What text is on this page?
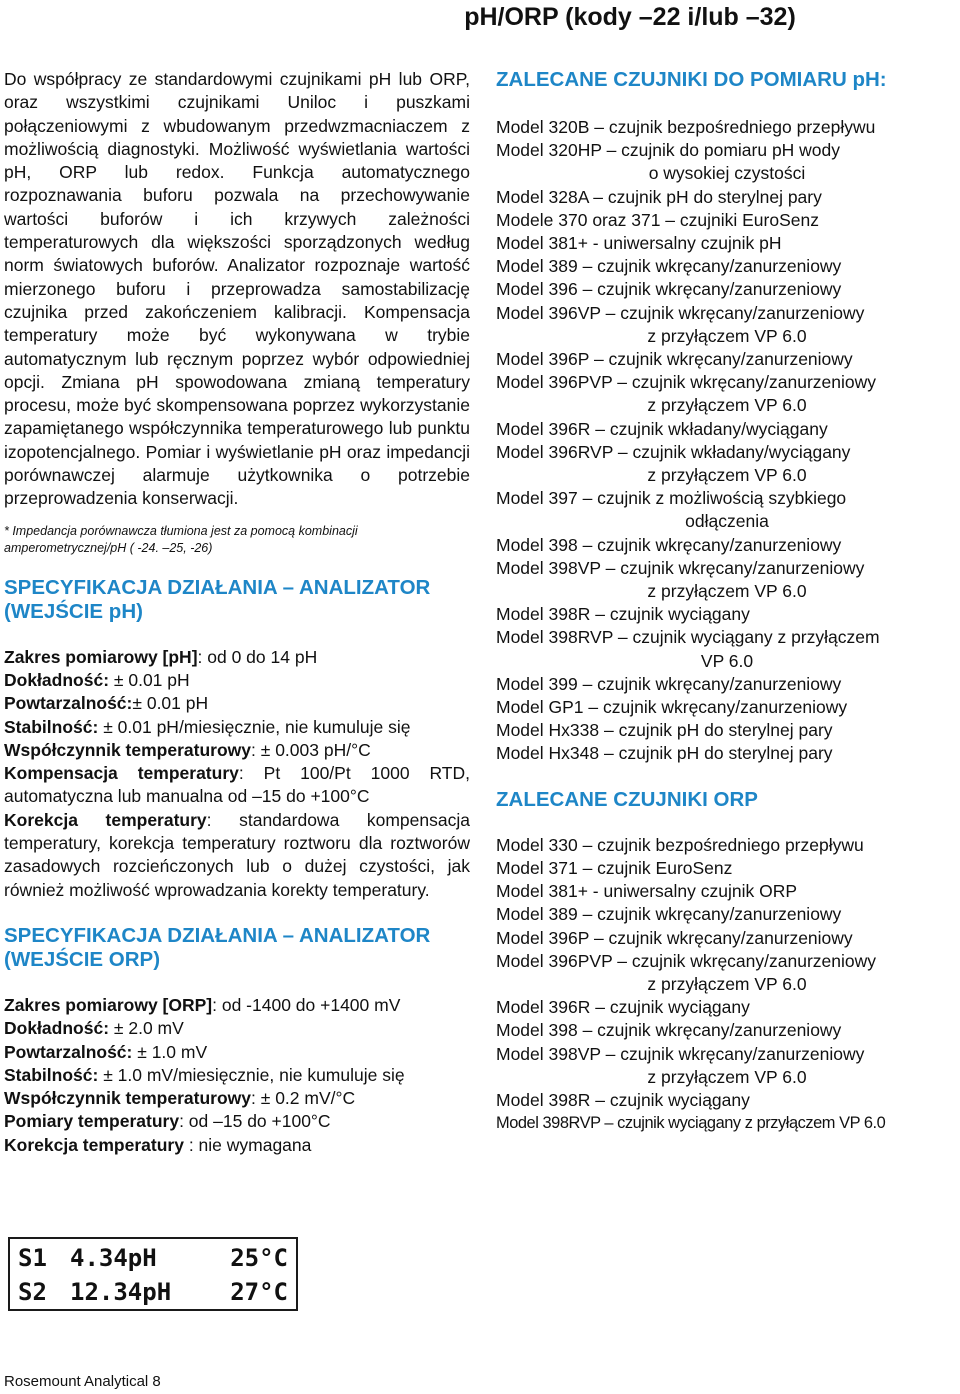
pH/ORP (kody –22 i/lub –32)

Do współpracy ze standardowymi czujnikami pH lub ORP, oraz wszystkimi czujnikami Uniloc i puszkami połączeniowymi z wbudowanym przedwzmacniaczem z możliwością diagnostyki. Możliwość wyświetlania wartości pH, ORP lub redox. Funkcja automatycznego rozpoznawania buforu pozwala na przechowywanie wartości buforów i ich krzywych zależności temperaturowych dla większości sporządzonych według norm światowych buforów. Analizator rozpoznaje wartość mierzonego buforu i przeprowadza samostabilizację czujnika przed zakończeniem kalibracji. Kompensacja temperatury może być wykonywana w trybie automatycznym lub ręcznym poprzez wybór odpowiedniej opcji. Zmiana pH spowodowana zmianą temperatury procesu, może być skompensowana poprzez wykorzystanie zapamiętanego współczynnika temperaturowego lub punktu izopotencjalnego. Pomiar i wyświetlanie pH oraz impedancji porównawczej alarmuje użytkownika o potrzebie przeprowadzenia konserwacji.

* Impedancja porównawcza tłumiona jest za pomocą kombinacji amperometrycznej/pH ( -24. –25, -26)

SPECYFIKACJA DZIAŁANIA – ANALIZATOR (WEJŚCIE pH)
Zakres pomiarowy [pH]: od 0 do 14 pH
Dokładność: ± 0.01 pH
Powtarzalność:± 0.01 pH
Stabilność: ± 0.01 pH/miesięcznie, nie kumuluje się
Współczynnik temperaturowy: ± 0.003 pH/°C
Kompensacja temperatury: Pt 100/Pt 1000 RTD, automatyczna lub manualna od –15 do +100°C
Korekcja temperatury: standardowa kompensacja temperatury, korekcja temperatury roztworu dla roztworów zasadowych rozcieńczonych lub o dużej czystości, jak również możliwość wprowadzania korekty temperatury.
SPECYFIKACJA DZIAŁANIA – ANALIZATOR (WEJŚCIE ORP)
Zakres pomiarowy [ORP]: od -1400 do +1400 mV
Dokładność: ± 2.0 mV
Powtarzalność: ± 1.0 mV
Stabilność: ± 1.0 mV/miesięcznie, nie kumuluje się
Współczynnik temperaturowy: ± 0.2 mV/°C
Pomiary temperatury: od –15 do +100°C
Korekcja temperatury : nie wymagana
ZALECANE CZUJNIKI DO POMIARU pH:
Model 320B – czujnik bezpośredniego przepływu
Model 320HP – czujnik do pomiaru pH wody
o wysokiej czystości
Model 328A – czujnik pH do sterylnej pary
Modele 370 oraz 371 – czujniki EuroSenz
Model 381+ - uniwersalny czujnik pH
Model 389 – czujnik wkręcany/zanurzeniowy
Model 396 – czujnik wkręcany/zanurzeniowy
Model 396VP – czujnik wkręcany/zanurzeniowy
z przyłączem VP 6.0
Model 396P – czujnik wkręcany/zanurzeniowy
Model 396PVP – czujnik wkręcany/zanurzeniowy
z przyłączem VP 6.0
Model 396R – czujnik wkładany/wyciągany
Model 396RVP – czujnik wkładany/wyciągany
z przyłączem VP 6.0
Model 397 – czujnik z możliwością szybkiego
odłączenia
Model 398 – czujnik wkręcany/zanurzeniowy
Model 398VP – czujnik wkręcany/zanurzeniowy
z przyłączem VP 6.0
Model 398R – czujnik wyciągany
Model 398RVP – czujnik wyciągany z przyłączem
VP 6.0
Model 399 – czujnik wkręcany/zanurzeniowy
Model GP1 – czujnik wkręcany/zanurzeniowy
Model Hx338 – czujnik pH do sterylnej pary
Model Hx348 – czujnik pH do sterylnej pary
ZALECANE CZUJNIKI ORP
Model 330 – czujnik bezpośredniego przepływu
Model 371 – czujnik EuroSenz
Model 381+ - uniwersalny czujnik ORP
Model 389 – czujnik wkręcany/zanurzeniowy
Model 396P – czujnik wkręcany/zanurzeniowy
Model 396PVP – czujnik wkręcany/zanurzeniowy
z przyłączem VP 6.0
Model 396R – czujnik wyciągany
Model 398 – czujnik wkręcany/zanurzeniowy
Model 398VP – czujnik wkręcany/zanurzeniowy
z przyłączem VP 6.0
Model 398R – czujnik wyciągany
Model 398RVP – czujnik wyciągany z przyłączem VP 6.0
S1 4.34pH	25°C
S2 12.34pH 27°C
Rosemount Analytical 8
